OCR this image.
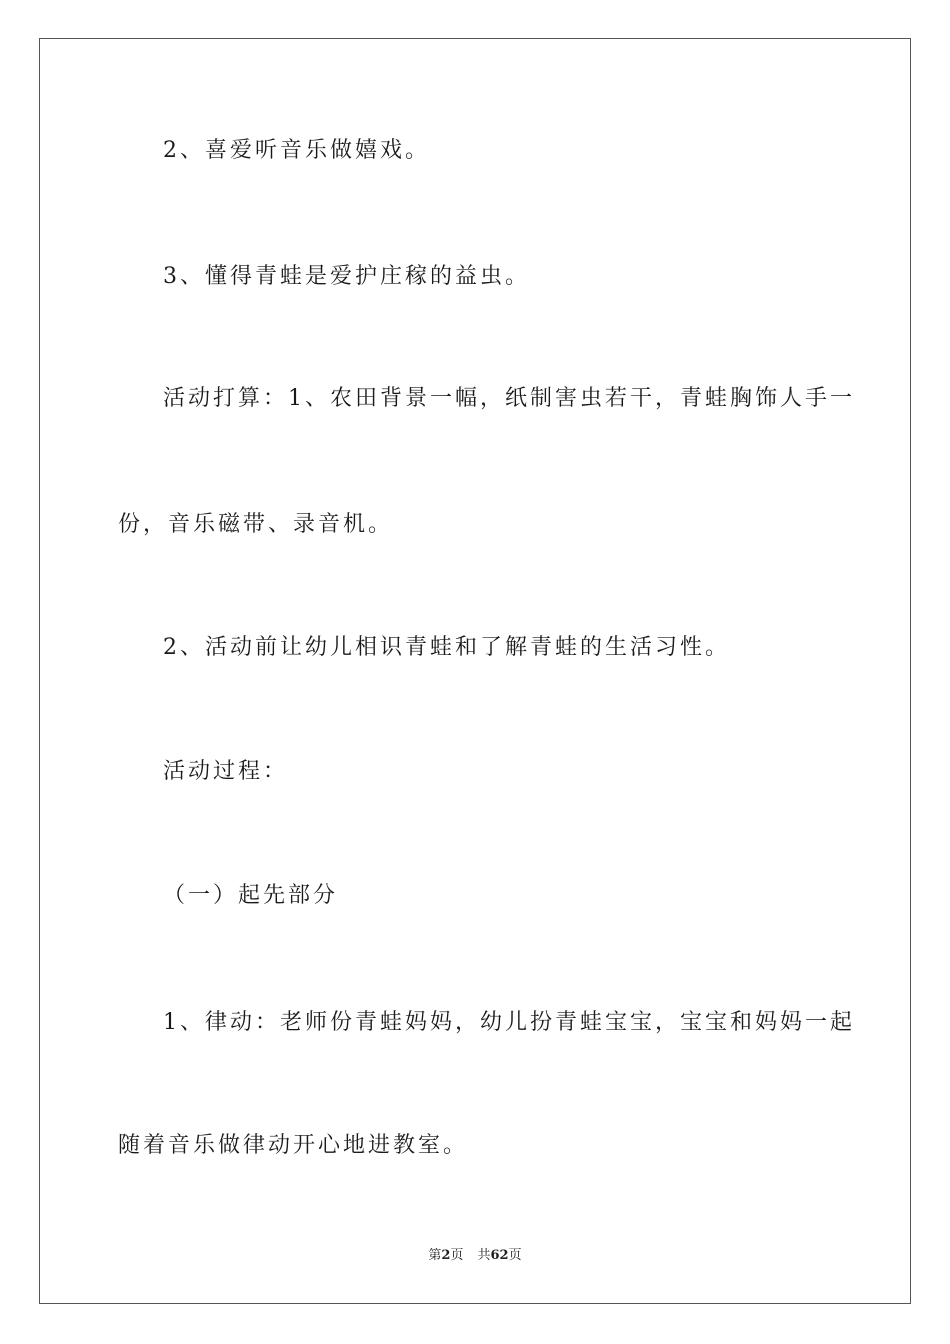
2、喜爱听音乐做嬉戏。
3、懂得青蛙是爱护庄稼的益虫。
活动打算：1、农田背景一幅，纸制害虫若干，青蛙胸饰人手一
份，音乐磁带、录音机。
2、活动前让幼儿相识青蛙和了解青蛙的生活习性。
活动过程：
（一）起先部分
1、律动：老师份青蛙妈妈，幼儿扮青蛙宝宝，宝宝和妈妈一起
随着音乐做律动开心地进教室。
第2页 共62页
